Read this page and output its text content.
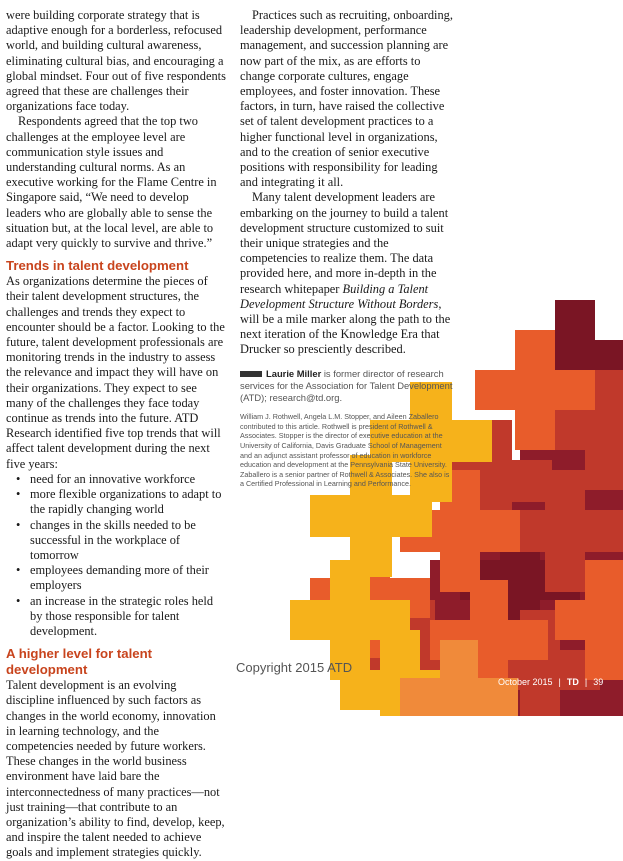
were building corporate strategy that is adaptive enough for a borderless, refocused world, and building cultural awareness, eliminating cultural bias, and encouraging a global mindset. Four out of five respondents agreed that these are challenges their organizations face today.

Respondents agreed that the top two challenges at the employee level are communication style issues and understanding cultural norms. As an executive working for the Flame Centre in Singapore said, “We need to develop leaders who are globally able to sense the situation but, at the local level, are able to adapt very quickly to survive and thrive.”

Trends in talent development

As organizations determine the pieces of their talent development structures, the challenges and trends they expect to encounter should be a factor. Looking to the future, talent development professionals are monitoring trends in the industry to assess the relevance and impact they will have on their organizations. They expect to see many of the challenges they face today continue as trends into the future. ATD Research identified five top trends that will affect talent development during the next five years:

• need for an innovative workforce
• more flexible organizations to adapt to the rapidly changing world
• changes in the skills needed to be successful in the workplace of tomorrow
• employees demanding more of their employers
• an increase in the strategic roles held by those responsible for talent development.
A higher level for talent development

Talent development is an evolving discipline influenced by such factors as changes in the world economy, innovation in learning technology, and the competencies needed by future workers. These changes in the world business environment have laid bare the interconnectedness of many practices—not just training—that contribute to an organization’s ability to find, develop, keep, and inspire the talent needed to achieve goals and implement strategies quickly.

Practices such as recruiting, onboarding, leadership development, performance management, and succession planning are now part of the mix, as are efforts to change corporate cultures, engage employees, and foster innovation. These factors, in turn, have raised the collective set of talent development practices to a higher functional level in organizations, and to the creation of senior executive positions with responsibility for leading and integrating it all.

Many talent development leaders are embarking on the journey to build a talent development structure customized to suit their unique strategies and the competencies to realize them. The data provided here, and more in-depth in the research whitepaper Building a Talent Development Structure Without Borders, will be a mile marker along the path to the next iteration of the Knowledge Era that Drucker so presciently described.

Laurie Miller is former director of research services for the Association for Talent Development (ATD); research@td.org.
William J. Rothwell, Angela L.M. Stopper, and Aileen Zaballero contributed to this article. Rothwell is president of Rothwell & Associates. Stopper is the director of executive education at the University of California, Davis Graduate School of Management and an adjunct assistant professor of education in workforce education and development at the Pennsylvania State University. Zaballero is a senior partner of Rothwell & Associates. She also is a Certified Professional in Learning and Performance.
Copyright 2015 ATD
October 2015 | TD | 39
